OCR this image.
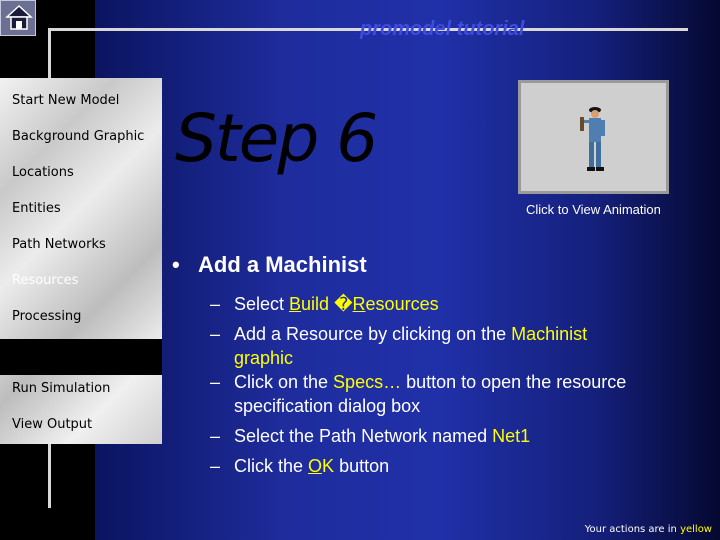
promodel tutorial
Start New Model
Background Graphic
Locations
Entities
Path Networks
Resources
Processing
Arrivals
Run Simulation
View Output
Step 6
Click to View Animation
• Add a Machinist
– Select Build �Resources
– Add a Resource by clicking on the Machinist
graphic
– Click on the Specs… button to open the resource specification dialog box
– Select the Path Network named Net1
– Click the OK button
Your actions are in yellow
